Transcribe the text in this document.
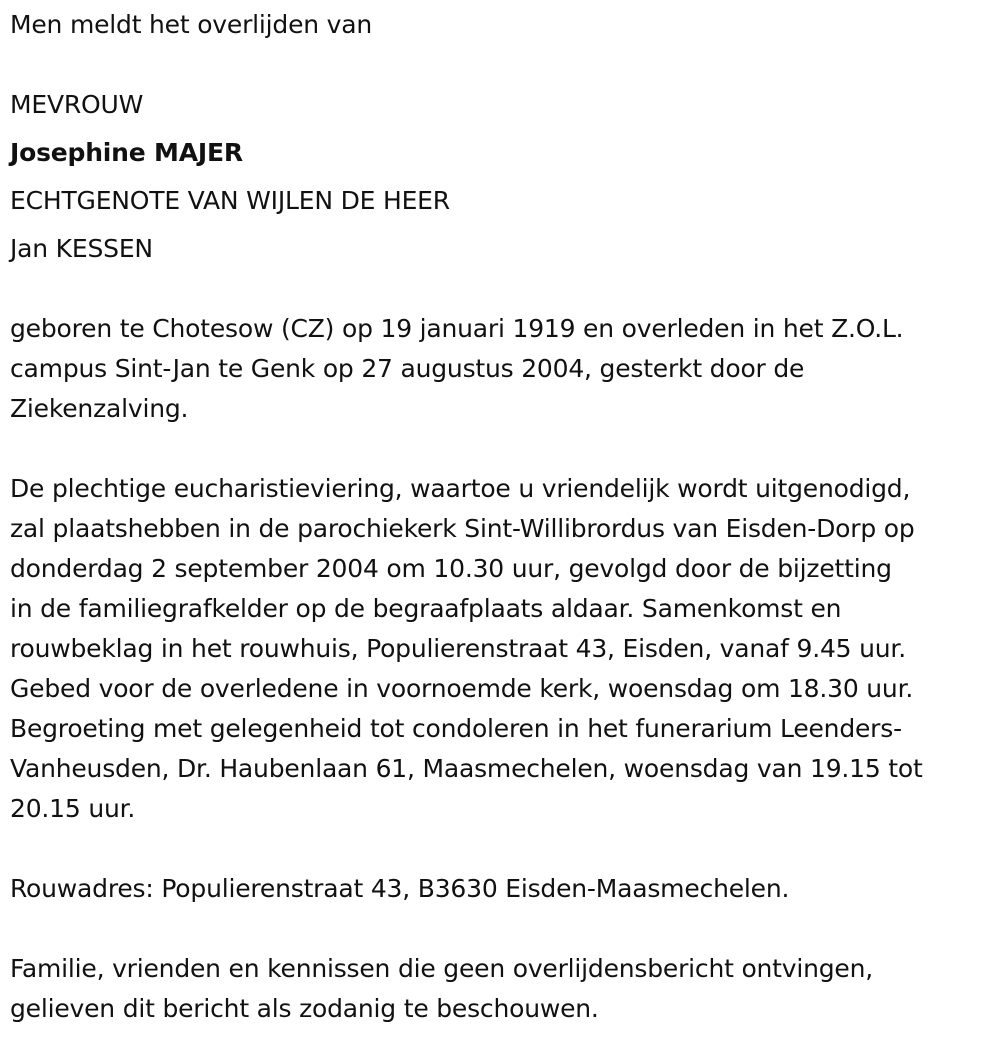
Men meldt het overlijden van
MEVROUW
Josephine MAJER
ECHTGENOTE VAN WIJLEN DE HEER
Jan KESSEN
geboren te Chotesow (CZ) op 19 januari 1919 en overleden in het Z.O.L.
campus Sint-Jan te Genk op 27 augustus 2004, gesterkt door de
Ziekenzalving.
De plechtige eucharistieviering, waartoe u vriendelijk wordt uitgenodigd,
zal plaatshebben in de parochiekerk Sint-Willibrordus van Eisden-Dorp op
donderdag 2 september 2004 om 10.30 uur, gevolgd door de bijzetting
in de familiegrafkelder op de begraafplaats aldaar. Samenkomst en
rouwbeklag in het rouwhuis, Populierenstraat 43, Eisden, vanaf 9.45 uur.
Gebed voor de overledene in voornoemde kerk, woensdag om 18.30 uur.
Begroeting met gelegenheid tot condoleren in het funerarium Leenders-
Vanheusden, Dr. Haubenlaan 61, Maasmechelen, woensdag van 19.15 tot
20.15 uur.
Rouwadres: Populierenstraat 43, B3630 Eisden-Maasmechelen.
Familie, vrienden en kennissen die geen overlijdensbericht ontvingen,
gelieven dit bericht als zodanig te beschouwen.
